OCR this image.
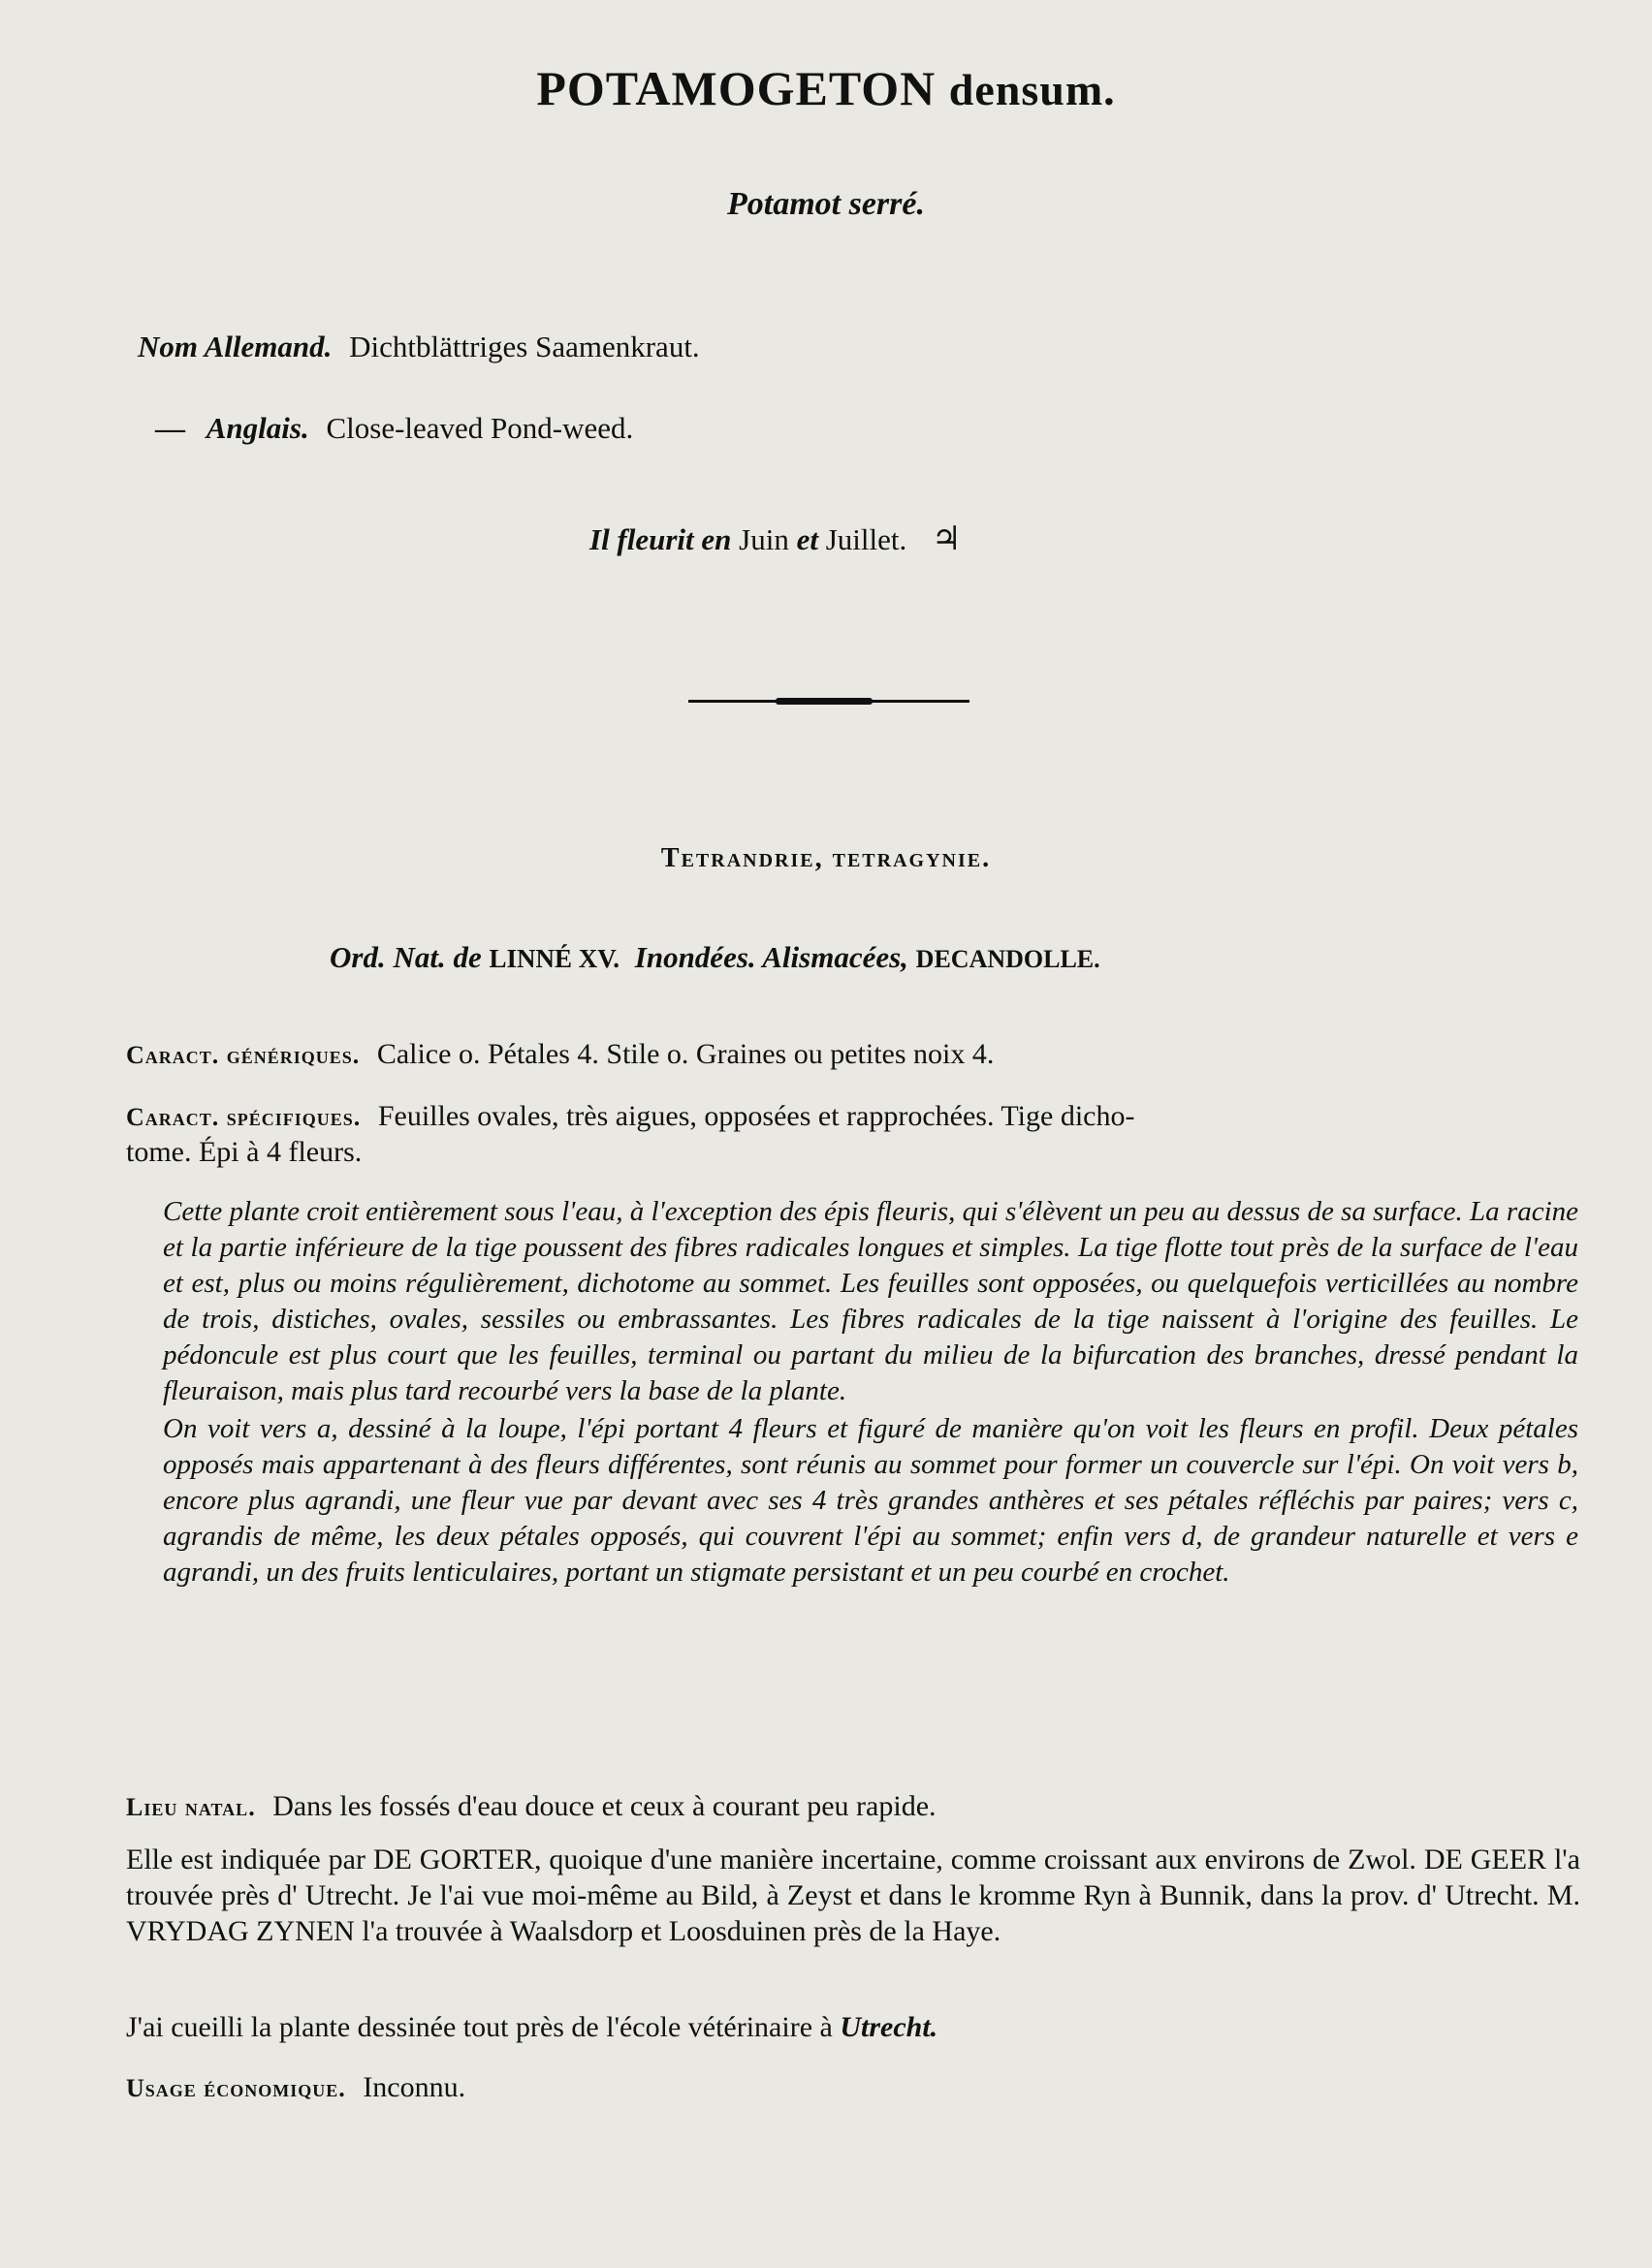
POTAMOGETON densum.
Potamot serré.
Nom Allemand. Dichtblättriges Saamenkraut.
— Anglais. Close-leaved Pond-weed.
Il fleurit en Juin et Juillet. ♃
Tetrandrie, tetragynie.
Ord. Nat. de LINNÉ XV. Inondées. Alismacées, DECANDOLLE.
Caract. génériques. Calice o. Pétales 4. Stile o. Graines ou petites noix 4.
Caract. spécifiques. Feuilles ovales, très aigues, opposées et rapprochées. Tige dicho-
tome. Épi à 4 fleurs.

Cette plante croit entièrement sous l'eau, à l'exception des épis fleuris, qui s'élèvent un peu au dessus de sa surface. La racine et la partie inférieure de la tige poussent des fibres radicales longues et simples. La tige flotte tout près de la surface de l'eau et est, plus ou moins régulièrement, dichotome au sommet. Les feuilles sont opposées, ou quelquefois verticillées au nombre de trois, distiches, ovales, sessiles ou embrassantes. Les fibres radicales de la tige naissent à l'origine des feuilles. Le pédoncule est plus court que les feuilles, terminal ou partant du milieu de la bifurcation des branches, dressé pendant la fleuraison, mais plus tard recourbé vers la base de la plante.

On voit vers a, dessiné à la loupe, l'épi portant 4 fleurs et figuré de manière qu'on voit les fleurs en profil. Deux pétales opposés mais appartenant à des fleurs différentes, sont réunis au sommet pour former un couvercle sur l'épi. On voit vers b, encore plus agrandi, une fleur vue par devant avec ses 4 très grandes anthères et ses pétales réfléchis par paires; vers c, agrandis de même, les deux pétales opposés, qui couvrent l'épi au sommet; enfin vers d, de grandeur naturelle et vers e agrandi, un des fruits lenticulaires, portant un stigmate persistant et un peu courbé en crochet.

Lieu natal. Dans les fossés d'eau douce et ceux à courant peu rapide.
Elle est indiquée par DE GORTER, quoique d'une manière incertaine, comme croissant aux environs de Zwol. DE GEER l'a trouvée près d' Utrecht. Je l'ai vue moi-même au Bild, à Zeyst et dans le kromme Ryn à Bunnik, dans la prov. d' Utrecht. M. VRYDAG ZYNEN l'a trouvée à Waalsdorp et Loosduinen près de la Haye.
J'ai cueilli la plante dessinée tout près de l'école vétérinaire à Utrecht.
Usage économique. Inconnu.
